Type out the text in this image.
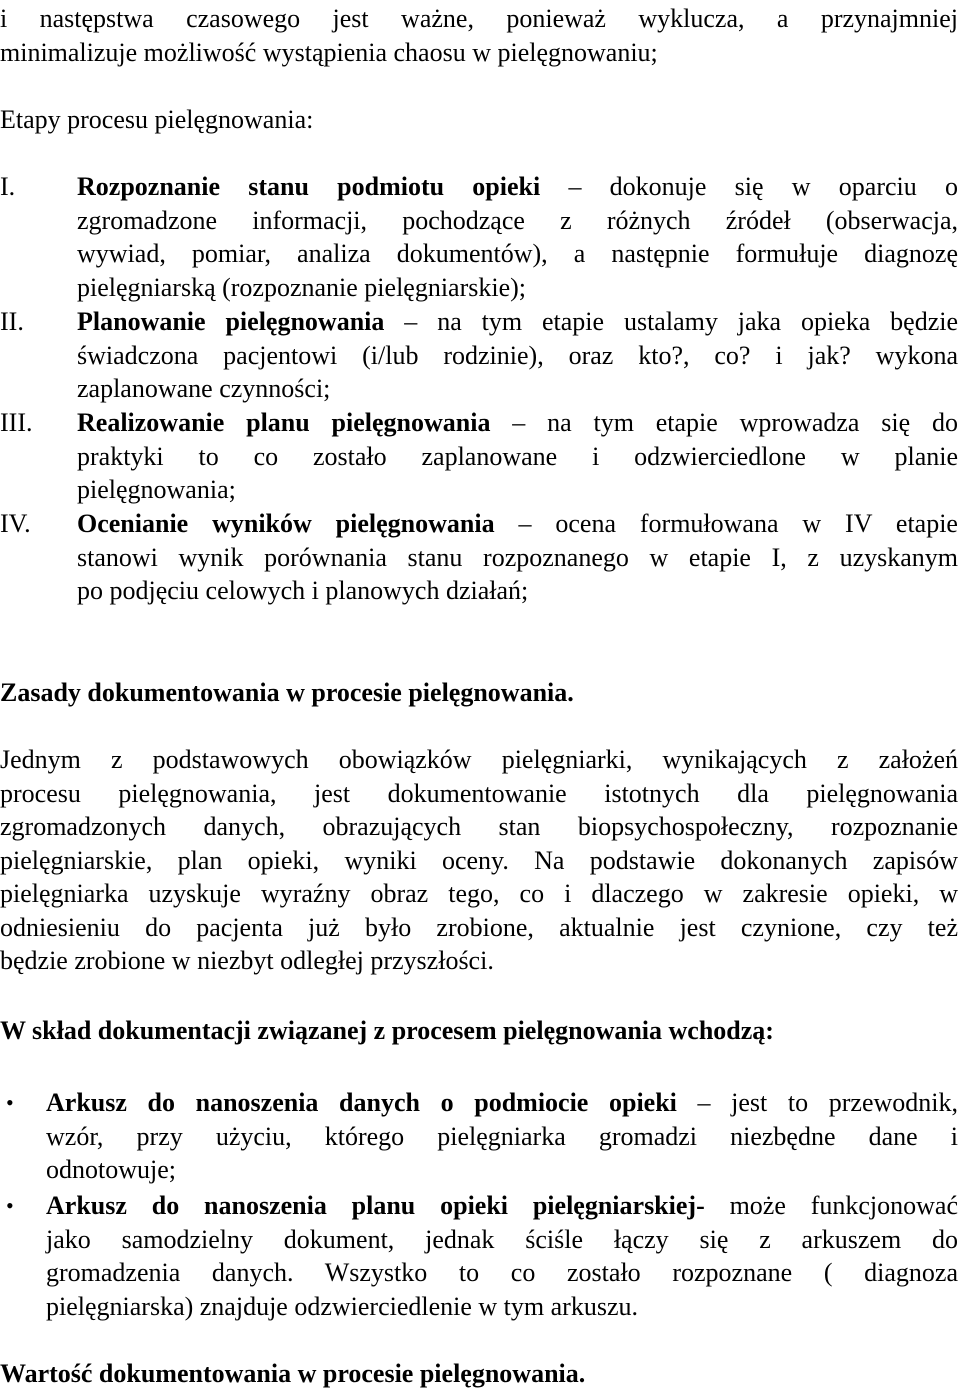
i następstwa czasowego jest ważne, ponieważ wyklucza, a przynajmniej
minimalizuje możliwość wystąpienia chaosu w pielęgnowaniu;
Etapy procesu pielęgnowania:
I. Rozpoznanie stanu podmiotu opieki – dokonuje się w oparciu o
zgromadzone informacji, pochodzące z różnych źródeł (obserwacja,
wywiad, pomiar, analiza dokumentów), a następnie formułuje diagnozę
pielęgniarską (rozpoznanie pielęgniarskie);
II. Planowanie pielęgnowania – na tym etapie ustalamy jaka opieka będzie
świadczona pacjentowi (i/lub rodzinie), oraz kto?, co? i jak? wykona
zaplanowane czynności;
III. Realizowanie planu pielęgnowania – na tym etapie wprowadza się do
praktyki to co zostało zaplanowane i odzwierciedlone w planie
pielęgnowania;
IV. Ocenianie wyników pielęgnowania – ocena formułowana w IV etapie
stanowi wynik porównania stanu rozpoznanego w etapie I, z uzyskanym
po podjęciu celowych i planowych działań;
Zasady dokumentowania w procesie pielęgnowania.
Jednym z podstawowych obowiązków pielęgniarki, wynikających z założeń
procesu pielęgnowania, jest dokumentowanie istotnych dla pielęgnowania
zgromadzonych danych, obrazujących stan biopsychospołeczny, rozpoznanie
pielęgniarskie, plan opieki, wyniki oceny. Na podstawie dokonanych zapisów
pielęgniarka uzyskuje wyraźny obraz tego, co i dlaczego w zakresie opieki, w
odniesieniu do pacjenta już było zrobione, aktualnie jest czynione, czy też
będzie zrobione w niezbyt odległej przyszłości.
W skład dokumentacji związanej z procesem pielęgnowania wchodzą:
• Arkusz do nanoszenia danych o podmiocie opieki – jest to przewodnik,
wzór, przy użyciu, którego pielęgniarka gromadzi niezbędne dane i
odnotowuje;
• Arkusz do nanoszenia planu opieki pielęgniarskiej- może funkcjonować
jako samodzielny dokument, jednak ściśle łączy się z arkuszem do
gromadzenia danych. Wszystko to co zostało rozpoznane ( diagnoza
pielęgniarska) znajduje odzwierciedlenie w tym arkuszu.
Wartość dokumentowania w procesie pielęgnowania.
